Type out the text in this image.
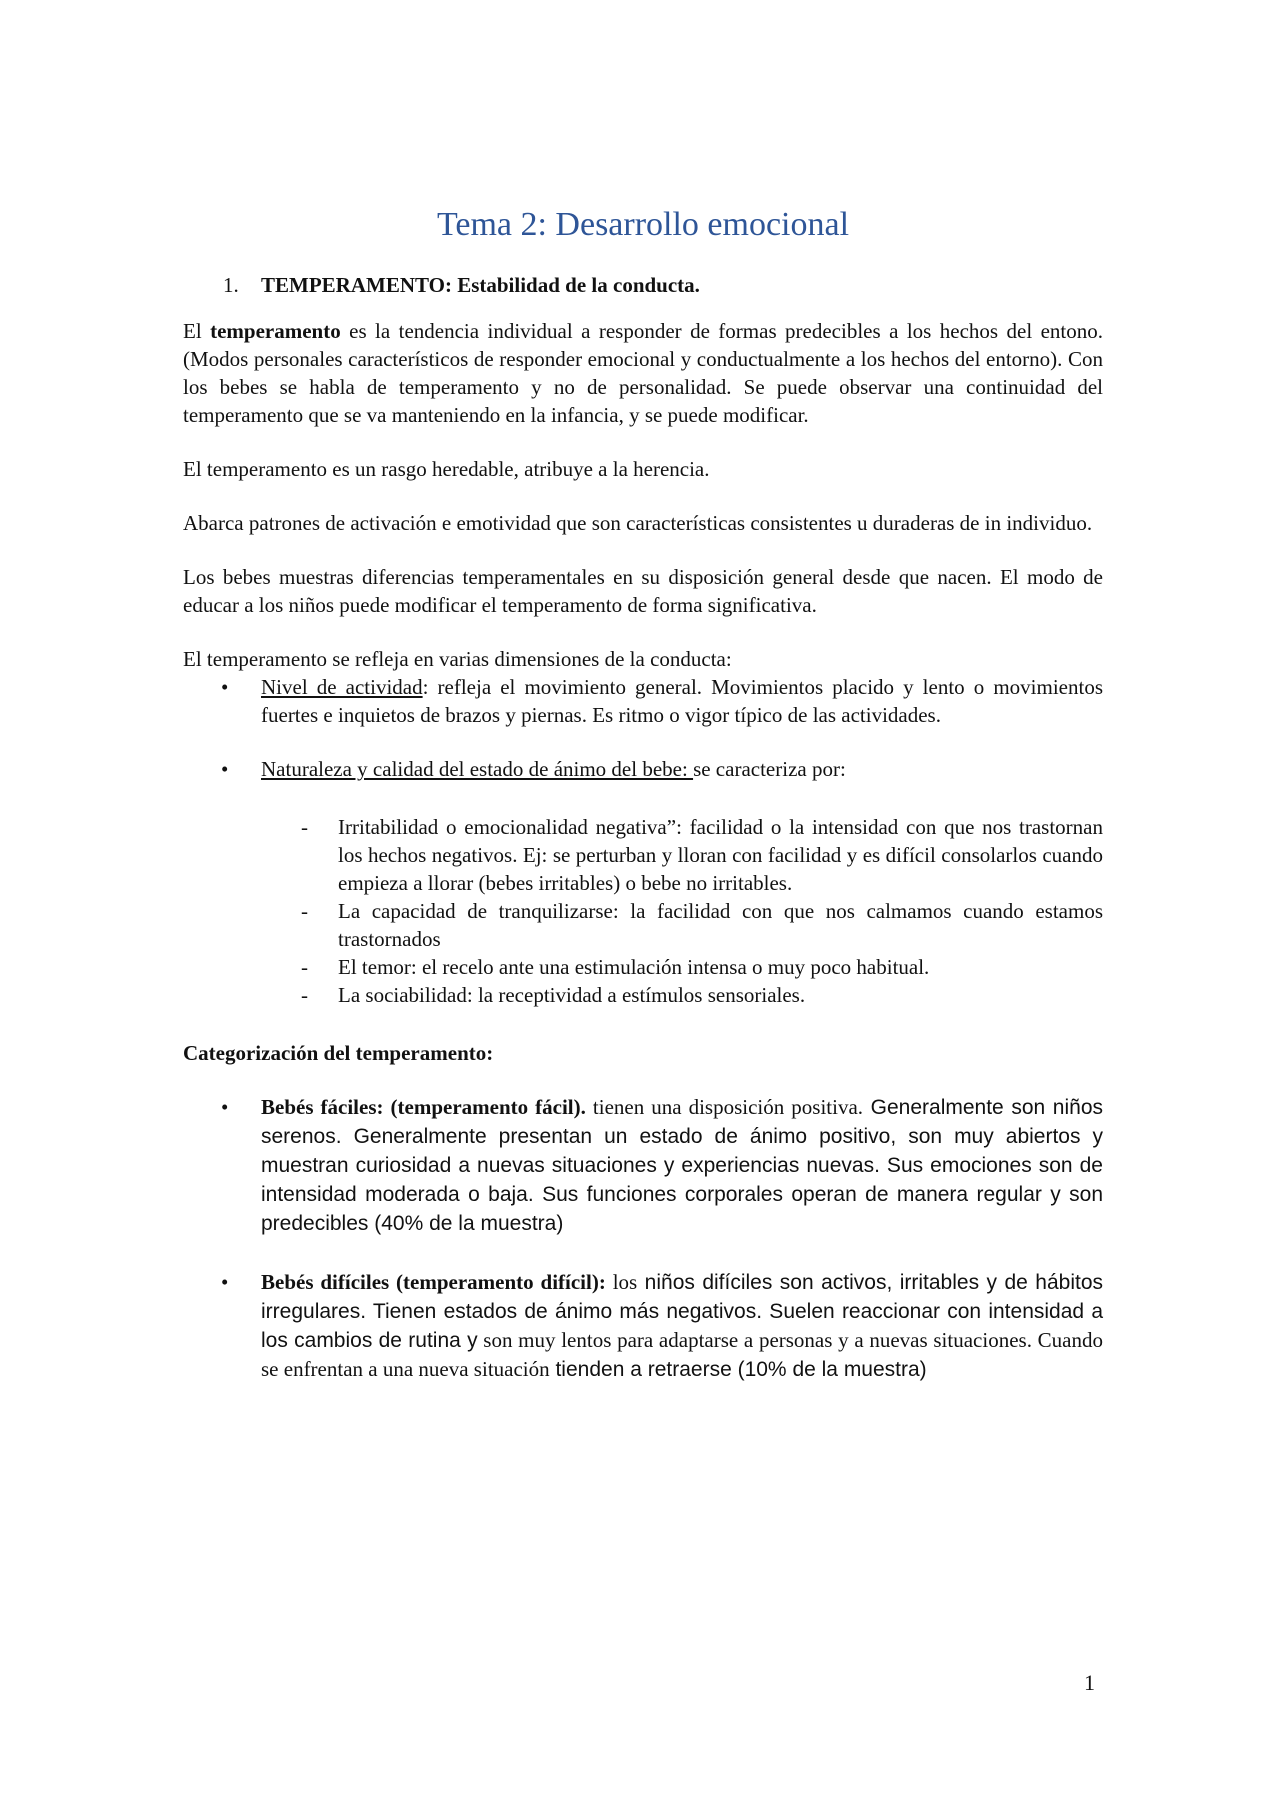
Tema 2: Desarrollo emocional
1.	TEMPERAMENTO: Estabilidad de la conducta.

El temperamento es la tendencia individual a responder de formas predecibles a los hechos del entono. (Modos personales característicos de responder emocional y conductualmente a los hechos del entorno). Con los bebes se habla de temperamento y no de personalidad. Se puede observar una continuidad del temperamento que se va manteniendo en la infancia, y se puede modificar.

El temperamento es un rasgo heredable, atribuye a la herencia.

Abarca patrones de activación e emotividad que son características consistentes u duraderas de in individuo.

Los bebes muestras diferencias temperamentales en su disposición general desde que nacen. El modo de educar a los niños puede modificar el temperamento de forma significativa.

El temperamento se refleja en varias dimensiones de la conducta:

• Nivel de actividad: refleja el movimiento general. Movimientos placido y lento o movimientos fuertes e inquietos de brazos y piernas. Es ritmo o vigor típico de las actividades.
• Naturaleza y calidad del estado de ánimo del bebe: se caracteriza por:
- Irritabilidad o emocionalidad negativa”: facilidad o la intensidad con que nos trastornan los hechos negativos. Ej: se perturban y lloran con facilidad y es difícil consolarlos cuando empieza a llorar (bebes irritables) o bebe no irritables.
- La capacidad de tranquilizarse: la facilidad con que nos calmamos cuando estamos trastornados
- El temor: el recelo ante una estimulación intensa o muy poco habitual.
- La sociabilidad: la receptividad a estímulos sensoriales.

Categorización del temperamento:

• Bebés fáciles: (temperamento fácil). tienen una disposición positiva. Generalmente son niños serenos. Generalmente presentan un estado de ánimo positivo, son muy abiertos y muestran curiosidad a nuevas situaciones y experiencias nuevas. Sus emociones son de intensidad moderada o baja. Sus funciones corporales operan de manera regular y son predecibles (40% de la muestra)
• Bebés difíciles (temperamento difícil): los niños difíciles son activos, irritables y de hábitos irregulares. Tienen estados de ánimo más negativos. Suelen reaccionar con intensidad a los cambios de rutina y son muy lentos para adaptarse a personas y a nuevas situaciones. Cuando se enfrentan a una nueva situación tienden a retraerse (10% de la muestra)
1
